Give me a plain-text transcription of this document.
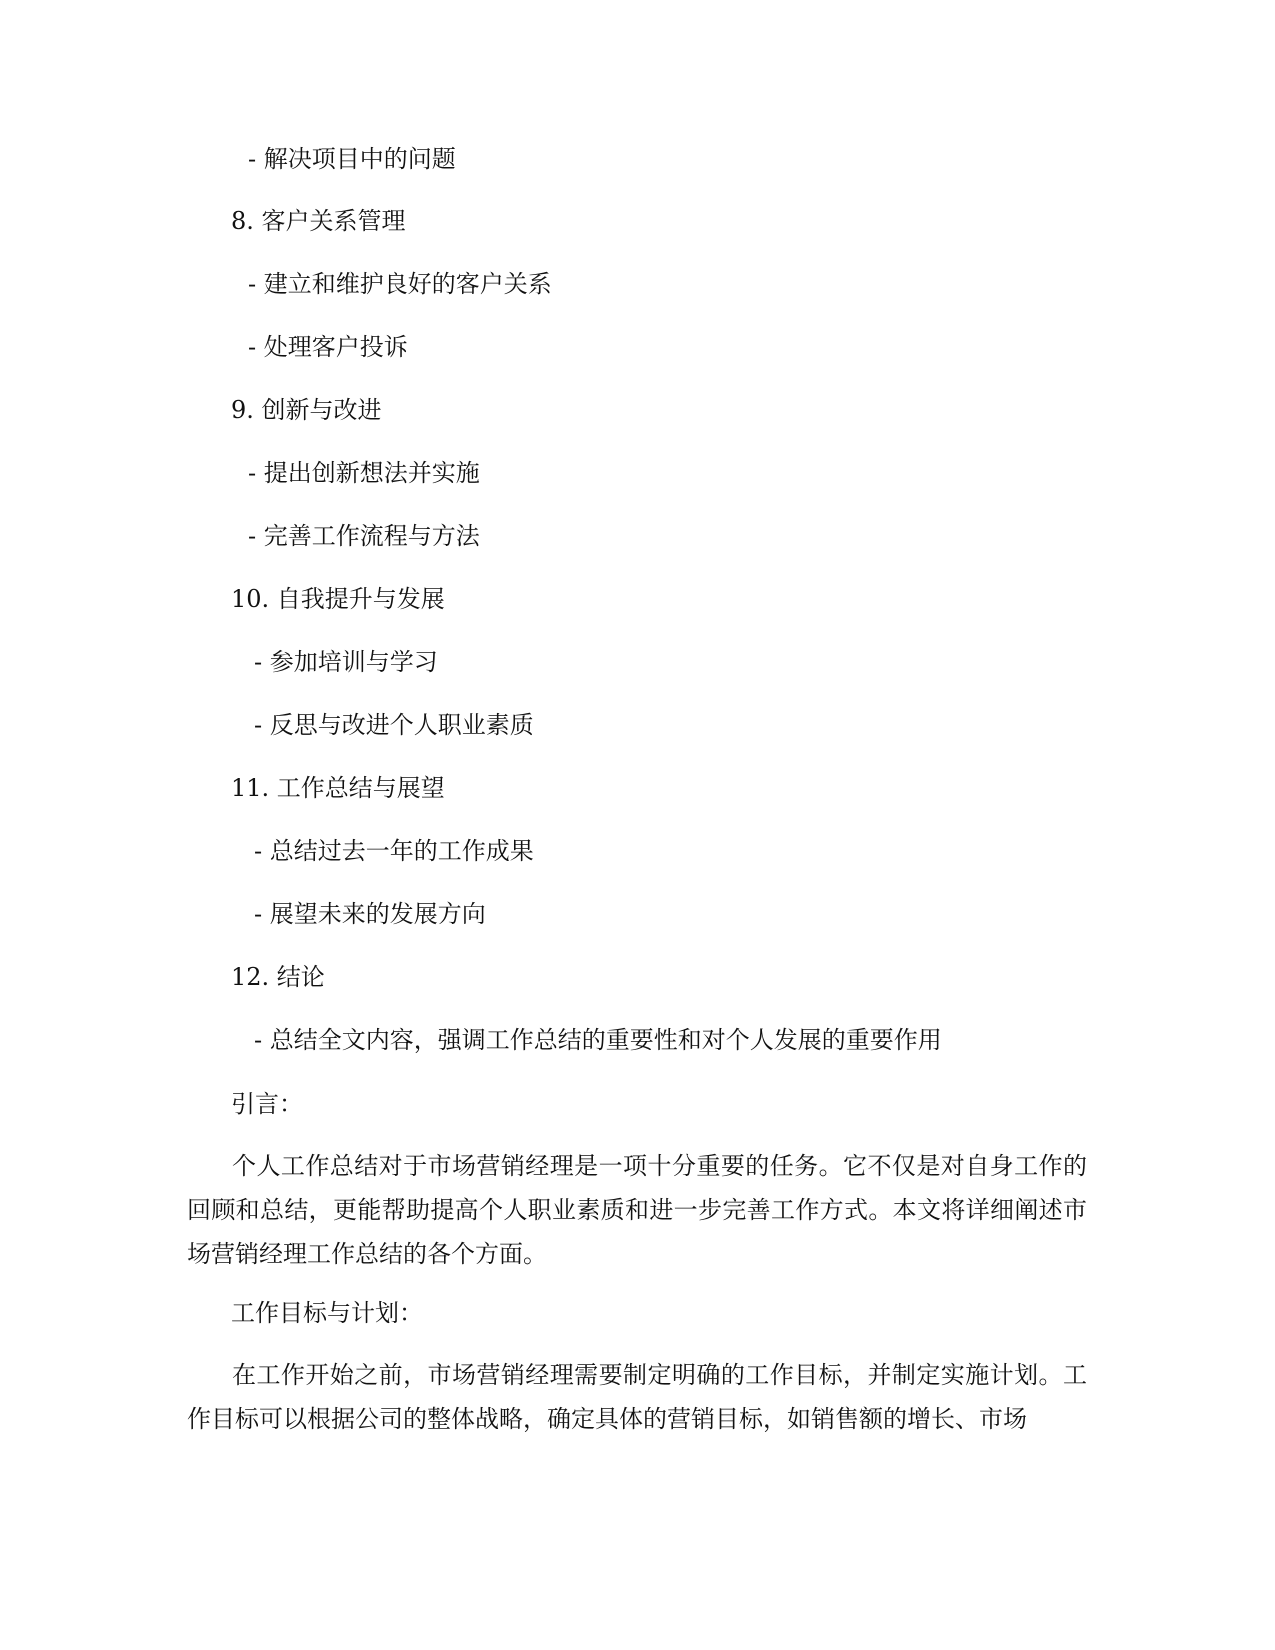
- 解决项目中的问题
8. 客户关系管理
- 建立和维护良好的客户关系
- 处理客户投诉
9. 创新与改进
- 提出创新想法并实施
- 完善工作流程与方法
10. 自我提升与发展
- 参加培训与学习
- 反思与改进个人职业素质
11. 工作总结与展望
- 总结过去一年的工作成果
- 展望未来的发展方向
12. 结论
- 总结全文内容，强调工作总结的重要性和对个人发展的重要作用
引言：
个人工作总结对于市场营销经理是一项十分重要的任务。它不仅是对自身工作的回顾和总结，更能帮助提高个人职业素质和进一步完善工作方式。本文将详细阐述市场营销经理工作总结的各个方面。
工作目标与计划：
在工作开始之前，市场营销经理需要制定明确的工作目标，并制定实施计划。工作目标可以根据公司的整体战略，确定具体的营销目标，如销售额的增长、市场
